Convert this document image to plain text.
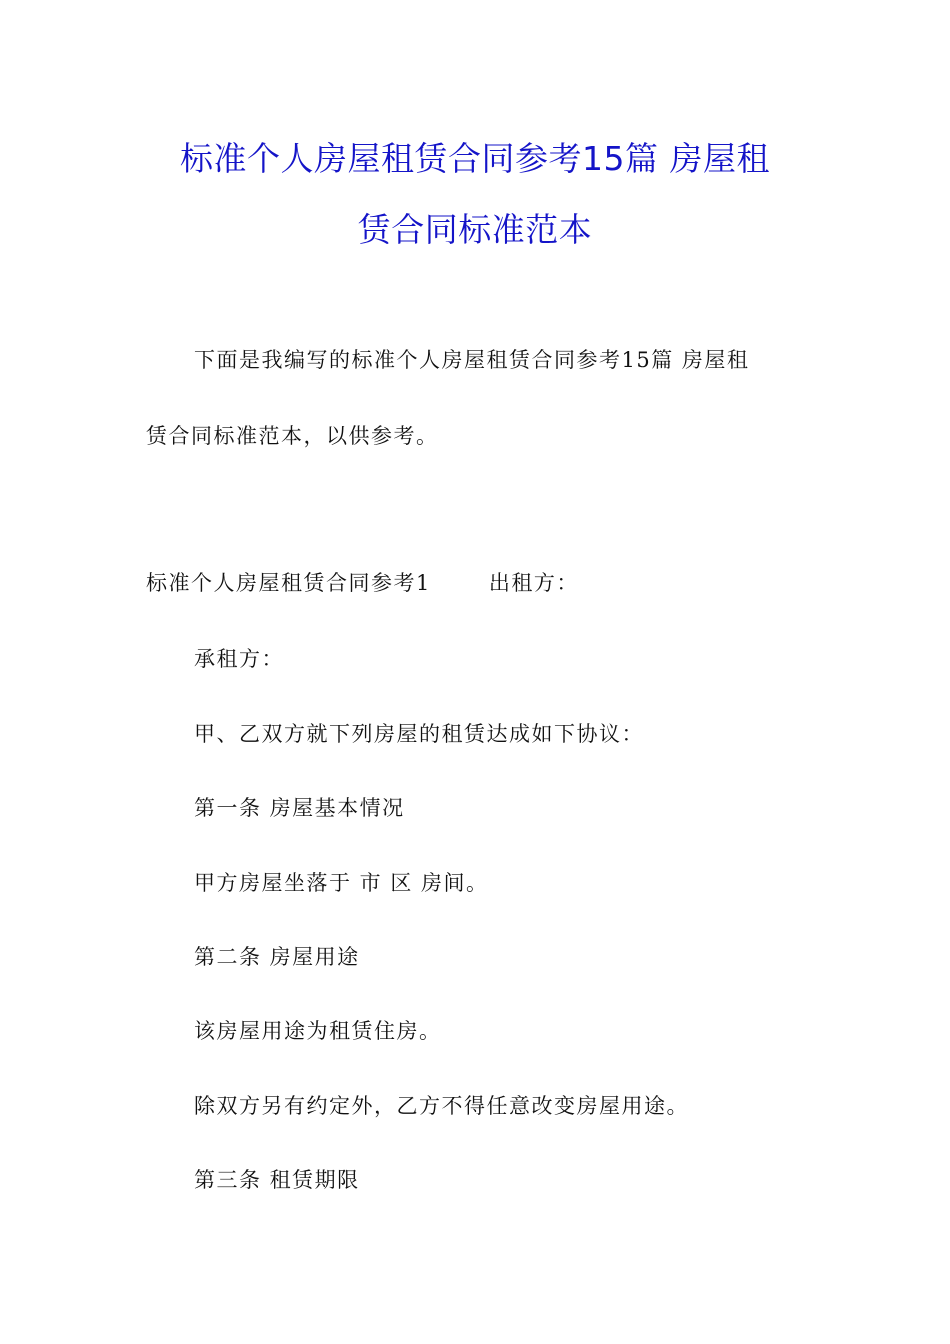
标准个人房屋租赁合同参考15篇 房屋租
赁合同标准范本
下面是我编写的标准个人房屋租赁合同参考15篇 房屋租
赁合同标准范本，以供参考。
标准个人房屋租赁合同参考1	出租方：
承租方：
甲、乙双方就下列房屋的租赁达成如下协议：
第一条 房屋基本情况
甲方房屋坐落于 市 区 房间。
第二条 房屋用途
该房屋用途为租赁住房。
除双方另有约定外，乙方不得任意改变房屋用途。
第三条 租赁期限
